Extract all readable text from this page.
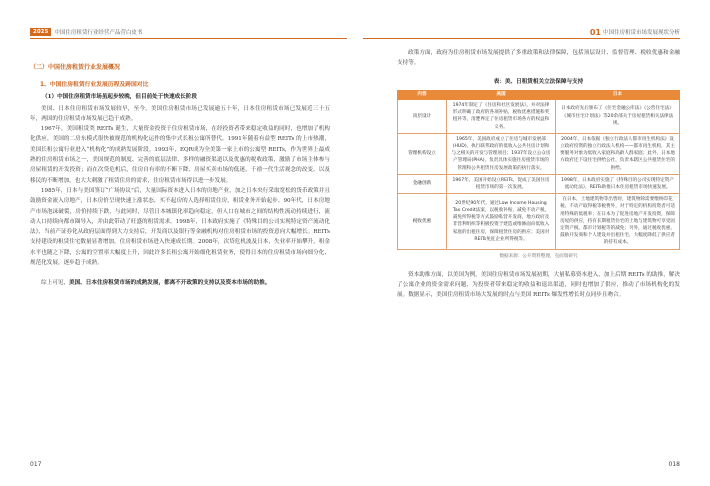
2025	中国住房租赁行业经营产品营白皮书
（二）中国住房租赁行业发展概况
1、中国住房租赁行业发展历程及跨国对比
（1）中国住房租赁市场虽起步较晚，但目前处于快速成长阶段

美国、日本住房租赁市场发展较早，至今，美国住房租赁市场已发展逾五十年，日本住房租赁市场已发展近三十五年，两国的住房租赁市场发展已趋于成熟。

1967年，美国租赁类 REITs 诞生，大量资金投资于住房租赁市场，在经投资者带来稳定收益的同时，也增加了机构化供应，美国的二房东模式很快被规范的机构化运作的集中式长租公寓所替代。1991年随着有益型 REITs 的上市热潮，美国长租公寓行业进入“机构化”的成熟发展阶段。1993年，EQR成为全美第一家上市的公寓型 REITs，作为世界上最成熟的住房租赁市场之一，美国规范的制度、完善的底层法律、多样的融资渠道以及优惠的税收政策，激励了市场主体参与房屋租赁的开发投资；而在次贷危机后，住房自有率的不断下降、房屋买卖市场的低迷，千禧一代生活观念的改变、以及移民的不断增加，也大大刺激了租赁住房的需求，住房租赁市场得以进一步发展。

1985年，日本与美国签订“广场协议”后，大量国际资本进入日本的房地产业，加之日本央行采取宽松的货币政策并且鼓励资金流入房地产，日本房价呈现快速上涨状态，买不起房的人选择租赁住房，租赁业务开始起步。90年代，日本房地产市场泡沫破裂，房价持续下跌，与此同时，尽管日本城镇化率趋向稳定，但人口在城市之间的结构性流动持续进行，流动人口持续向都市圈导入，并由此带动了旺盛的租赁需求。1998年，日本政府实施了《特殊目的公司实现特定资产流动化法》，当前产证券化从政府层面得到大力支持后，开发商以及银行等金融机构对住房租赁市场的投资意向大幅增长。REITs 支持建设的租赁住宅数量显著增加，住房租赁市场进入快速成长期。2008年，次贷危机波及日本，失业率开始攀升，租金水平也随之下降，公寓的空置率大幅度上升，因此许多长租公寓开始细化租赁业务，使得日本的住房租赁市场向细分化、规范化发展，逐步趋于成熟。

综上可见，美国、日本住房租赁市场的成熟发展，都离不开政策的支持以及资本市场的助推。

017
01 中国住房租赁市场发展现状分析

政策方面，政府为住房租赁市场发展提供了多重政策和法律保障，包括顶层设计、监督管理、税收优惠和金融支持等。

表：美、日租赁相关立法保障与支持
内容	美国	日本
顶层设计	1974年制定了《住房和社区发展法》，并对法律形式明确了政府的各项补贴，税收优惠措施和奖租补等，清楚界定了住房租赁市场各方的权益和义务。	日本政府先后颁布了《住宅金融公库法》《公营住宅法》《城市住宅计划法》等20余部关于房屋租赁相关法律法规。
管理机构设立	1965年，美国政府成立了住房与城市发展部(HUD)，执行联邦政府的低收入公共住房计划和与之相关的开发与管理项目；1937年设立公众房产管理局(PHA)，负责具体实施住房租赁市场的管理和公共租赁住房发展政策的执行落实。	2004年，日本依据《独立行政法人都市再生机构法》设立政府投资的独立行政法人机构——都市再生机构，其主要服务对象为低收入家庭和高龄人群家庭；此外，日本地方政府还下设住宅供给公社，负责本辖区公共租赁住宅的供给。
金融创新	1967年，美国开始设立REITs，促成了美国住房租赁市场的第一次发展。	1998年，日本政府实施了《特殊目的公司实现特定资产流动化法》，REITs助推日本住房租赁市场快速发展。
税收优惠	20世纪90年代，通过Low Income Housing Tax Credit法案，以税收补贴，减免不动产税、减免所得税等方式鼓励私营开发商，地方政府及非营利组织等积极投资于建造或维修面向低收入家庭的出租住房，保障租赁住房的供应；美国对REITs免征企业所得税等。	在日本，土地建筑物等出售时，建筑物除需要缴纳印花税、不动产取得税等税费外，对于特定的机构投资者可适用特殊的低税率；在日本为了促进房地产开发投资，保障房屋的供应，持有长期租赁住宅的土地与建筑物可享受固定资产税、都市计划税等的减免；另外，通过税收优惠，鼓励开发商和个人建设并出租住宅，大幅度降低了供应者的持有成本。
数据来源：公开资料整理，克而瑞研究

资本助推方面，以美国为例，美国住房租赁市场发展初期，大量私募资本进入，加上后期 REITs 的助推，解决了公寓企业的资金需求问题，为投资者带来稳定的收益和退出渠道，同时也增加了供应，推动了市场机构化的发展。数据显示，美国住房租赁市场大发展的时点与美国 REITs 爆发性增长时点同步且吻合。

018
